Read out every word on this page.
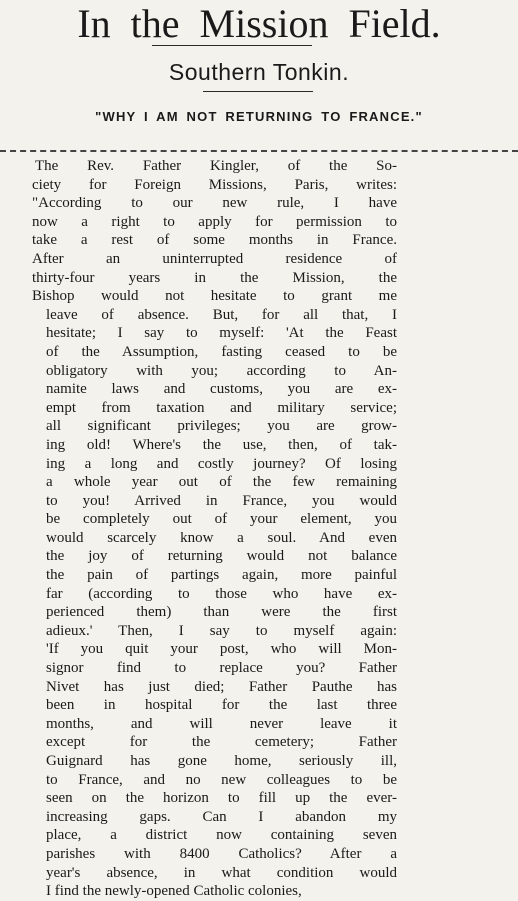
In the Mission Field.
Southern Tonkin.
"WHY I AM NOT RETURNING TO FRANCE."
The Rev. Father Kingler, of the So-
ciety for Foreign Missions, Paris, writes:
"According to our new rule, I have
now a right to apply for permission to
take a rest of some months in France.
After an uninterrupted residence of
thirty-four years in the Mission, the
Bishop would not hesitate to grant me
leave of absence. But, for all that, I
hesitate; I say to myself: 'At the Feast
of the Assumption, fasting ceased to be
obligatory with you; according to An-
namite laws and customs, you are ex-
empt from taxation and military service;
all significant privileges; you are grow-
ing old! Where's the use, then, of tak-
ing a long and costly journey? Of losing
a whole year out of the few remaining
to you! Arrived in France, you would
be completely out of your element, you
would scarcely know a soul. And even
the joy of returning would not balance
the pain of partings again, more painful
far (according to those who have ex-
perienced them) than were the first
adieux.' Then, I say to myself again:
'If you quit your post, who will Mon-
signor find to replace you? Father
Nivet has just died; Father Pauthe has
been in hospital for the last three
months, and will never leave it
except for the cemetery; Father
Guignard has gone home, seriously ill,
to France, and no new colleagues to be
seen on the horizon to fill up the ever-
increasing gaps. Can I abandon my
place, a district now containing seven
parishes with 8400 Catholics? After a
year's absence, in what condition would
I find the newly-opened Catholic colonies,
